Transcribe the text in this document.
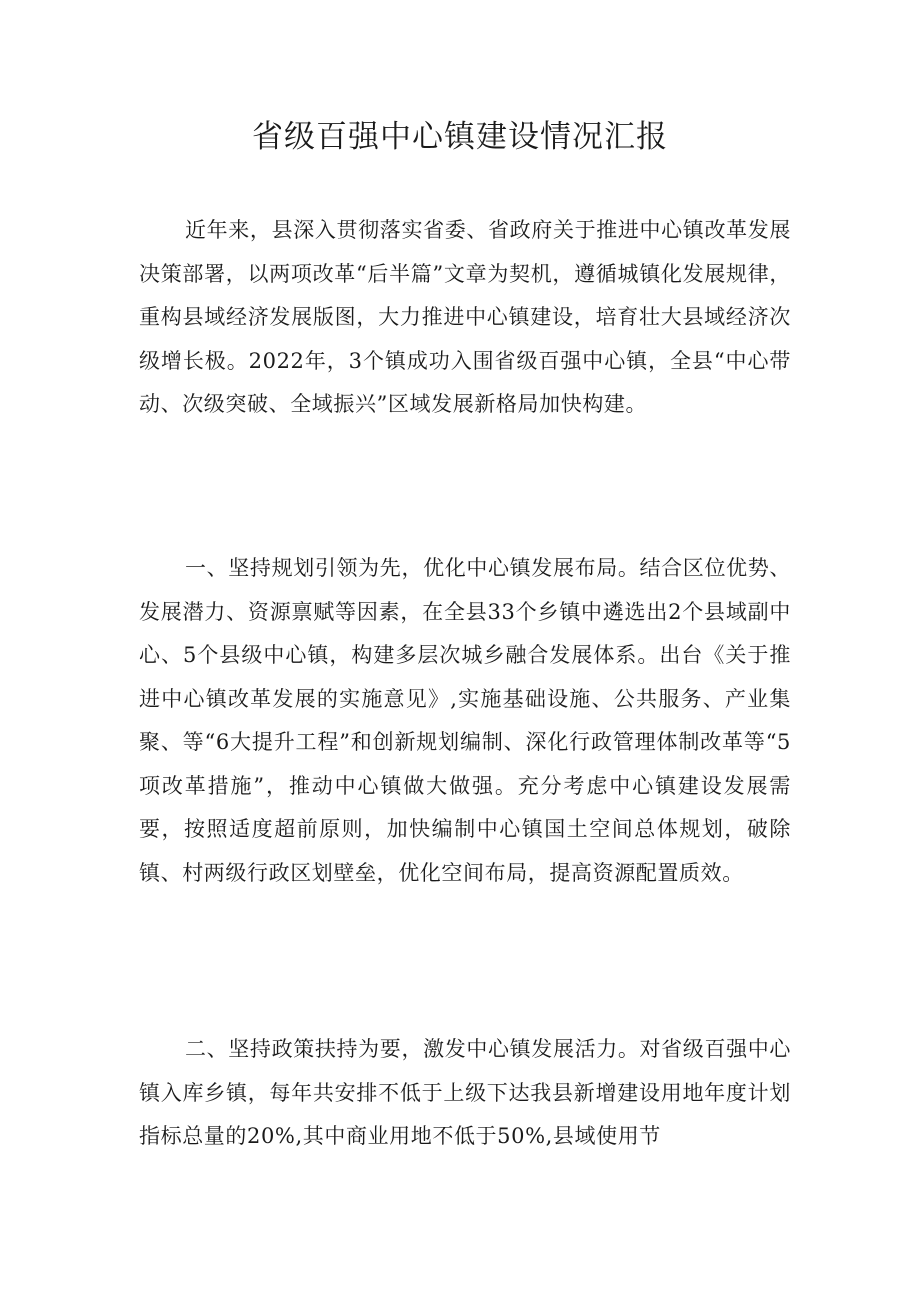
省级百强中心镇建设情况汇报

近年来，县深入贯彻落实省委、省政府关于推进中心镇改革发展决策部署，以两项改革“后半篇”文章为契机，遵循城镇化发展规律，重构县域经济发展版图，大力推进中心镇建设，培育壮大县域经济次级增长极。2022年，3个镇成功入围省级百强中心镇，全县“中心带动、次级突破、全域振兴”区域发展新格局加快构建。

一、坚持规划引领为先，优化中心镇发展布局。结合区位优势、发展潜力、资源禀赋等因素，在全县33个乡镇中遴选出2个县域副中心、5个县级中心镇，构建多层次城乡融合发展体系。出台《关于推进中心镇改革发展的实施意见》,实施基础设施、公共服务、产业集聚、等“6大提升工程”和创新规划编制、深化行政管理体制改革等“5项改革措施”，推动中心镇做大做强。充分考虑中心镇建设发展需要，按照适度超前原则，加快编制中心镇国土空间总体规划，破除镇、村两级行政区划壁垒，优化空间布局，提高资源配置质效。

二、坚持政策扶持为要，激发中心镇发展活力。对省级百强中心镇入库乡镇，每年共安排不低于上级下达我县新增建设用地年度计划指标总量的20%,其中商业用地不低于50%,县域使用节
